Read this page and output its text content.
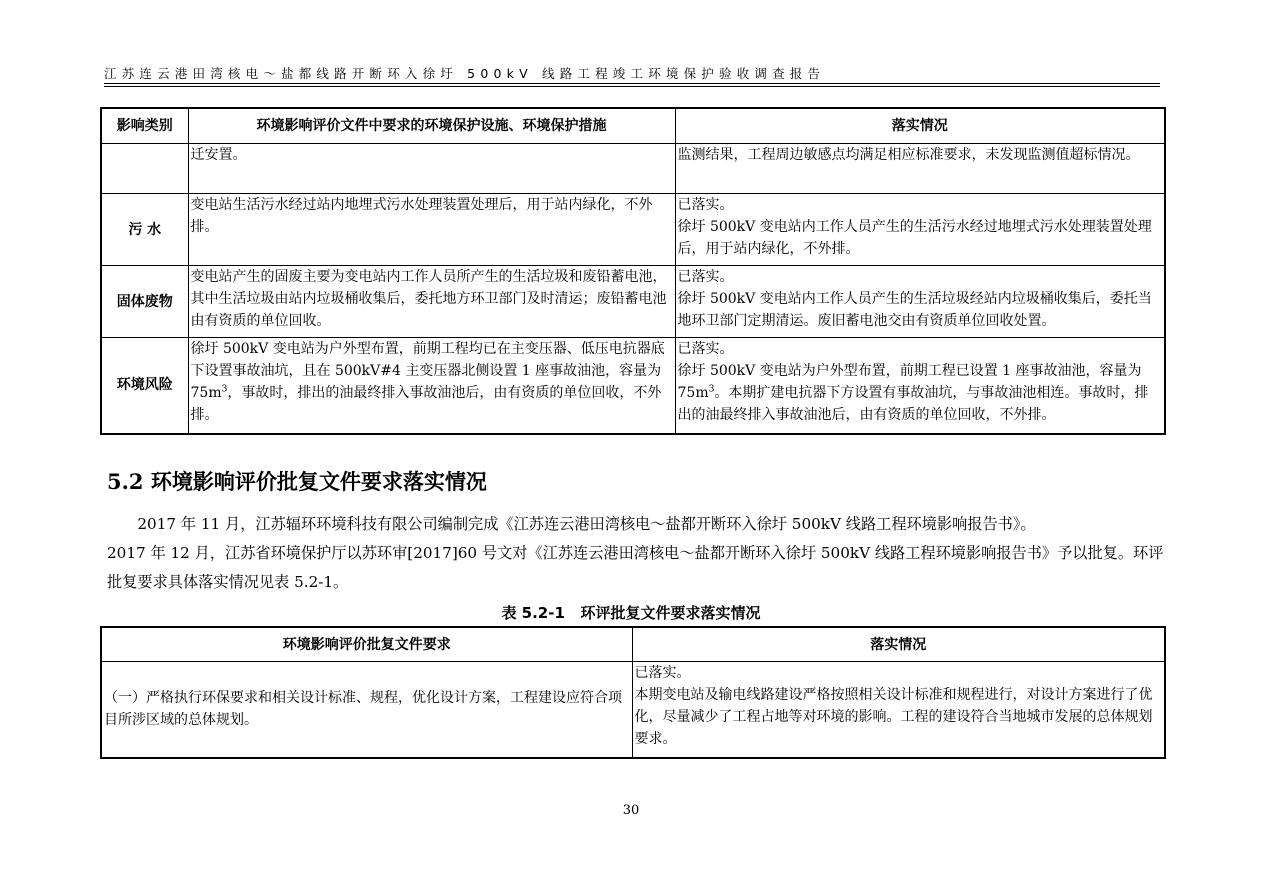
江苏连云港田湾核电～盐都线路开断环入徐圩 500kV 线路工程竣工环境保护验收调查报告
影响类别	环境影响评价文件中要求的环境保护设施、环境保护措施	落实情况
	迁安置。	监测结果，工程周边敏感点均满足相应标准要求，未发现监测值超标情况。
污 水	变电站生活污水经过站内地埋式污水处理装置处理后，用于站内绿化，不外排。	已落实。
徐圩 500kV 变电站内工作人员产生的生活污水经过地埋式污水处理装置处理后，用于站内绿化，不外排。

固体废物	变电站产生的固废主要为变电站内工作人员所产生的生活垃圾和废铅蓄电池，其中生活垃圾由站内垃圾桶收集后，委托地方环卫部门及时清运；废铅蓄电池由有资质的单位回收。	已落实。
徐圩 500kV 变电站内工作人员产生的生活垃圾经站内垃圾桶收集后，委托当地环卫部门定期清运。废旧蓄电池交由有资质单位回收处置。

环境风险	徐圩 500kV 变电站为户外型布置，前期工程均已在主变压器、低压电抗器底下设置事故油坑，且在 500kV#4 主变压器北侧设置 1 座事故油池，容量为 $75m^3$，事故时，排出的油最终排入事故油池后，由有资质的单位回收，不外排。	已落实。
徐圩 500kV 变电站为户外型布置，前期工程已设置 1 座事故油池，容量为 $75m^3$。本期扩建电抗器下方设置有事故油坑，与事故油池相连。事故时，排出的油最终排入事故油池后，由有资质的单位回收，不外排。
5.2 环境影响评价批复文件要求落实情况

2017 年 11 月，江苏辐环环境科技有限公司编制完成《江苏连云港田湾核电～盐都开断环入徐圩 500kV 线路工程环境影响报告书》。

2017 年 12 月，江苏省环境保护厅以苏环审[2017]60 号文对《江苏连云港田湾核电～盐都开断环入徐圩 500kV 线路工程环境影响报告书》予以批复。环评批复要求具体落实情况见表 5.2-1。

表 5.2-1   环评批复文件要求落实情况
环境影响评价批复文件要求	落实情况
（一）严格执行环保要求和相关设计标准、规程，优化设计方案，工程建设应符合项目所涉区域的总体规划。	已落实。
本期变电站及输电线路建设严格按照相关设计标准和规程进行，对设计方案进行了优化，尽量减少了工程占地等对环境的影响。工程的建设符合当地城市发展的总体规划要求。
30
